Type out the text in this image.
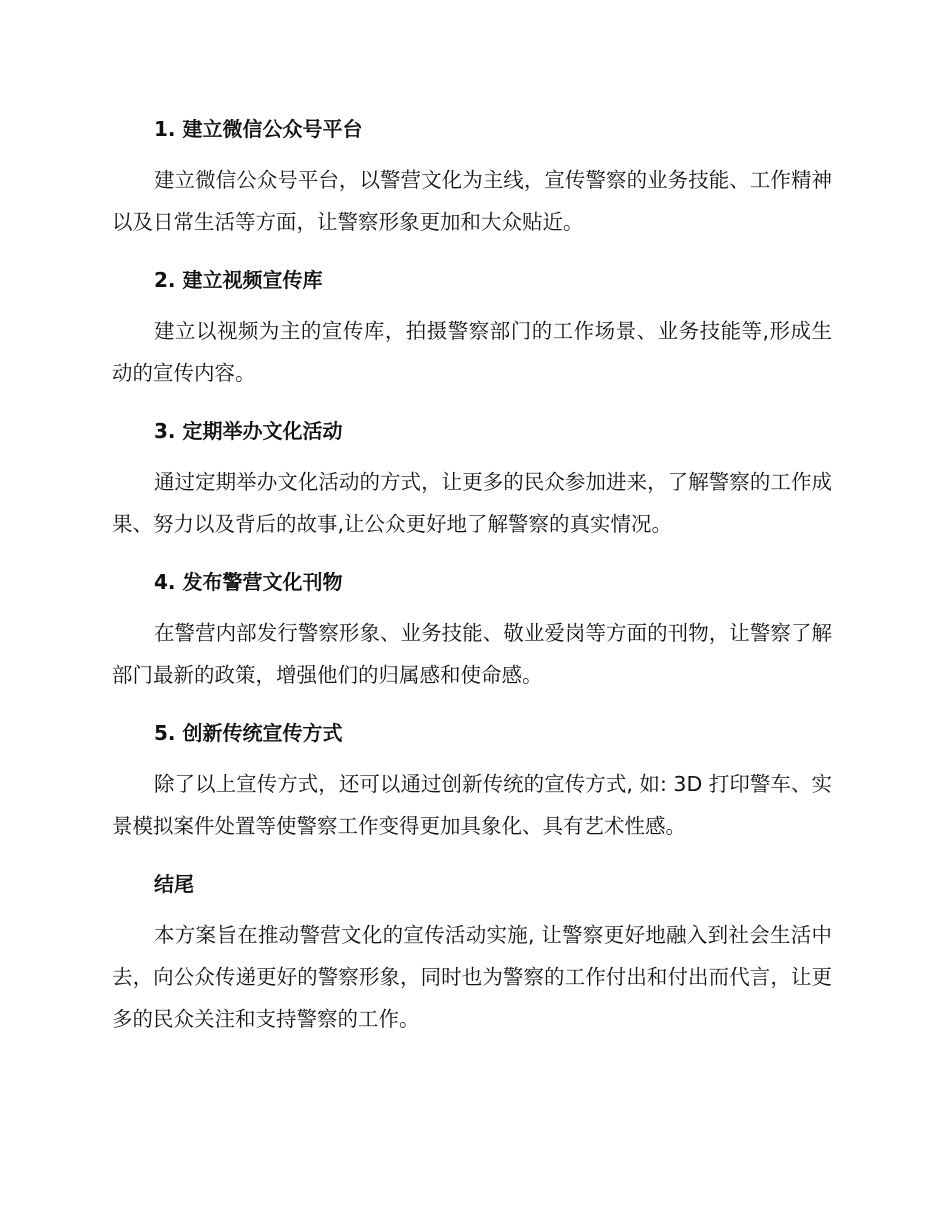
1. 建立微信公众号平台

建立微信公众号平台，以警营文化为主线，宣传警察的业务技能、工作精神以及日常生活等方面，让警察形象更加和大众贴近。

2. 建立视频宣传库

建立以视频为主的宣传库，拍摄警察部门的工作场景、业务技能等,形成生动的宣传内容。

3. 定期举办文化活动

通过定期举办文化活动的方式，让更多的民众参加进来，了解警察的工作成果、努力以及背后的故事,让公众更好地了解警察的真实情况。

4. 发布警营文化刊物

在警营内部发行警察形象、业务技能、敬业爱岗等方面的刊物，让警察了解部门最新的政策，增强他们的归属感和使命感。

5. 创新传统宣传方式

除了以上宣传方式，还可以通过创新传统的宣传方式, 如: 3D 打印警车、实景模拟案件处置等使警察工作变得更加具象化、具有艺术性感。

结尾

本方案旨在推动警营文化的宣传活动实施, 让警察更好地融入到社会生活中去，向公众传递更好的警察形象，同时也为警察的工作付出和付出而代言，让更多的民众关注和支持警察的工作。
